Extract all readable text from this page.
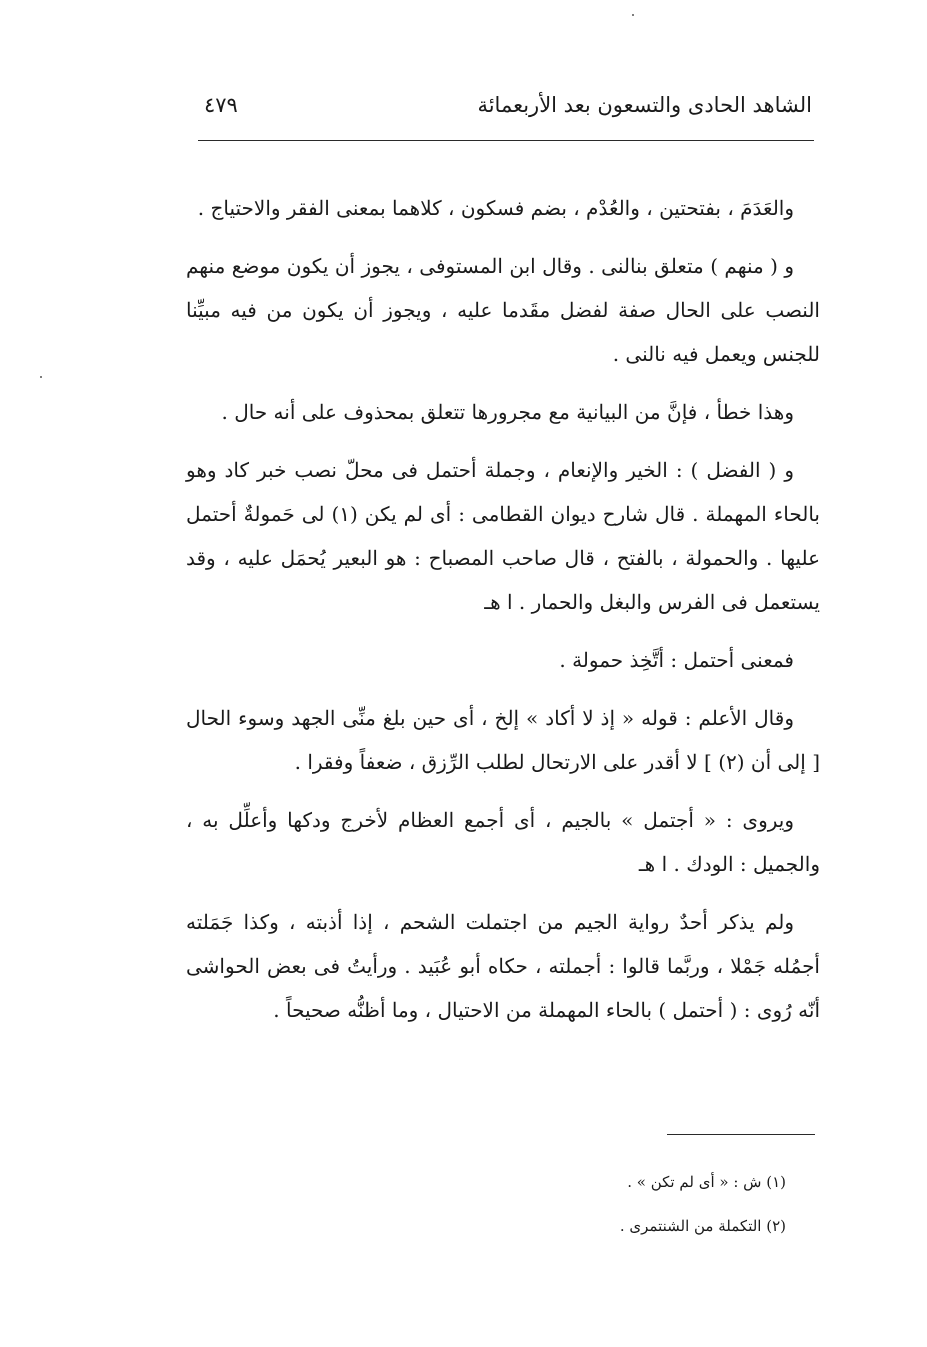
الشاهد الحادى والتسعون بعد الأربعمائة
٤٧٩

والعَدَمَ ، بفتحتين ، والعُدْم ، بضم فسكون ، كلاهما بمعنى الفقر والاحتياج .

و ( منهم ) متعلق بنالنى . وقال ابن المستوفى ، يجوز أن يكون موضع منهم النصب على الحال صفة لفضل مقَدما عليه ، ويجوز أن يكون من فيه مبيِّنا للجنس ويعمل فيه نالنى .

وهذا خطأ ، فإنَّ من البيانية مع مجرورها تتعلق بمحذوف على أنه حال .

و ( الفضل ) : الخير والإنعام ، وجملة أحتمل فى محلّ نصب خبر كاد وهو بالحاء المهملة . قال شارح ديوان القطامى : أى لم يكن (١) لى حَمولةٌ أحتمل عليها . والحمولة ، بالفتح ، قال صاحب المصباح : هو البعير يُحمَل عليه ، وقد يستعمل فى الفرس والبغل والحمار . ا هـ

فمعنى أحتمل : أتَّخِذ حمولة .

وقال الأعلم : قوله « إذ لا أكاد » إلخ ، أى حين بلغ منِّى الجهد وسوء الحال [ إلى أن (٢) ] لا أقدر على الارتحال لطلب الرِّزق ، ضعفاً وفقرا .

ويروى : « أجتمل » بالجيم ، أى أجمع العظام لأخرج ودكها وأعلِّل به ، والجميل : الودك . ا هـ

ولم يذكر أحدٌ رواية الجيم من اجتملت الشحم ، إذا أذبته ، وكذا جَمَلته أجمُله جَمْلا ، وربَّما قالوا : أجملته ، حكاه أبو عُبَيد . ورأيتُ فى بعض الحواشى أنّه رُوى : ( أحتمل ) بالحاء المهملة من الاحتيال ، وما أظنُّه صحيحاً .

(١) ش : « أى لم تكن » .
(٢) التكملة من الشنتمرى .
